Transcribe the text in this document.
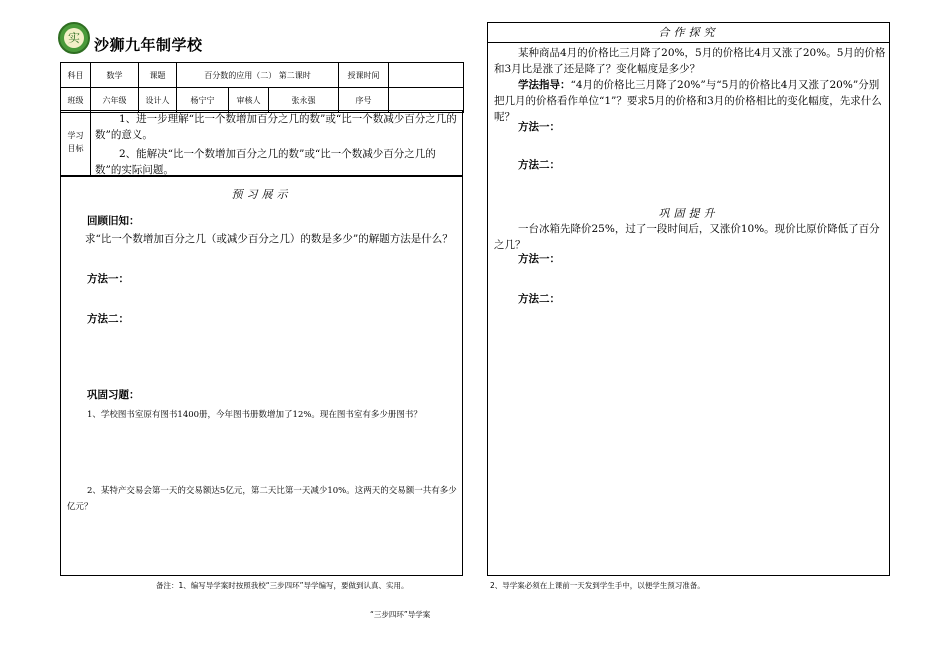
实 沙狮九年制学校
科目	数学	课题	百分数的应用（二） 第二课时			授课时间	
班级	六年级	设计人	杨宁宁	审核人	张永强	序号	
学习
目标
1、进一步理解“比一个数增加百分之几的数”或“比一个数减少百分之几的数”的意义。
2、能解决“比一个数增加百分之几的数”或“比一个数减少百分之几的数”的实际问题。
预习展示
回顾旧知：
求“比一个数增加百分之几（或减少百分之几）的数是多少”的解题方法是什么？
方法一：
方法二：
巩固习题：
1、学校图书室原有图书1400册，今年图书册数增加了12%。现在图书室有多少册图书？
2、某特产交易会第一天的交易额达5亿元，第二天比第一天减少10%。这两天的交易额一共有多少亿元？
合作探究
某种商品4月的价格比三月降了20%，5月的价格比4月又涨了20%。5月的价格和3月比是涨了还是降了？变化幅度是多少？
学法指导：“4月的价格比三月降了20%”与“5月的价格比4月又涨了20%”分别把几月的价格看作单位“1”？要求5月的价格和3月的价格相比的变化幅度，先求什么呢？
方法一：
方法二：
巩固提升
一台冰箱先降价25%，过了一段时间后，又涨价10%。现价比原价降低了百分之几？
方法一：
方法二：
备注：1、编写导学案时按照我校“三步四环”导学编写，要做到认真、实用。	2、导学案必须在上课前一天发到学生手中，以便学生预习准备。
“三步四环”导学案
